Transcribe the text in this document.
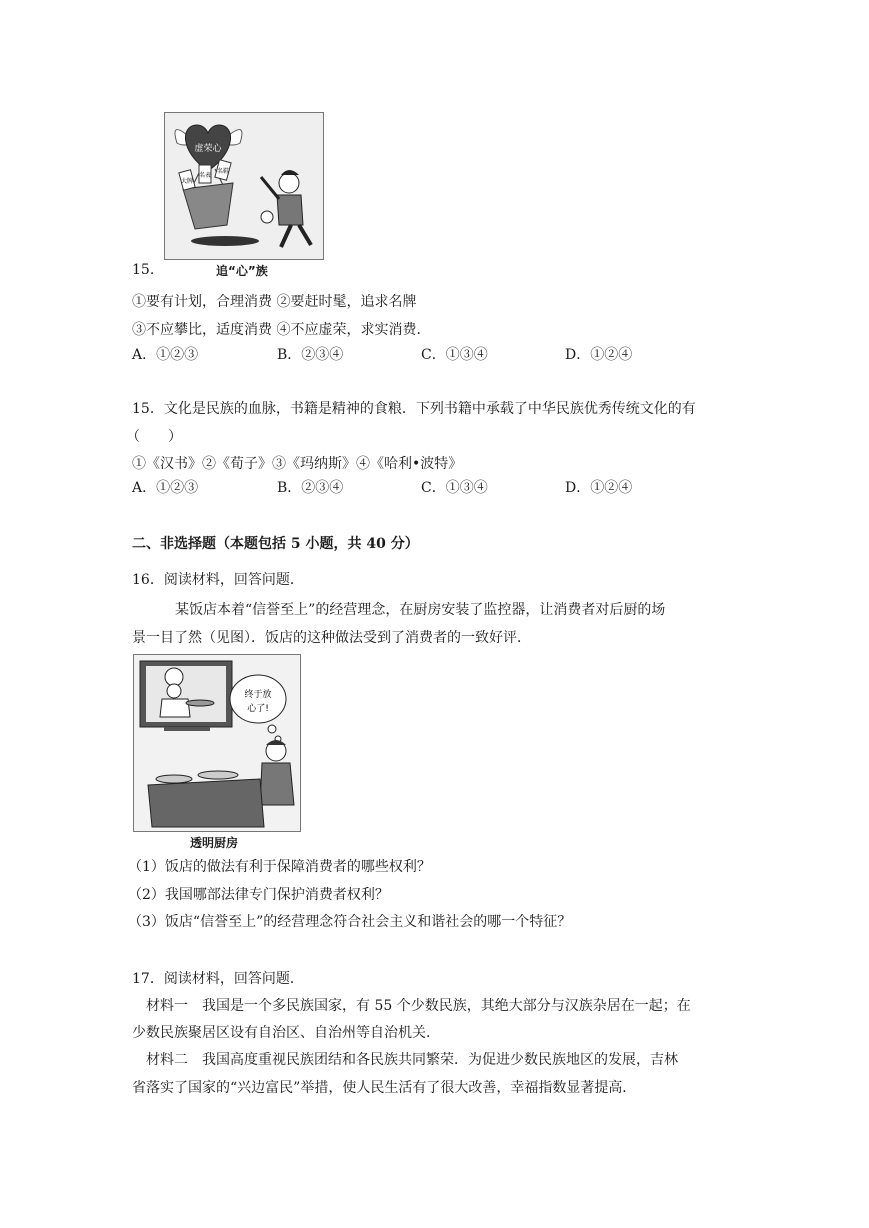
虚荣心
大牌
名表
名鞋
追“心”族
15.
①要有计划，合理消费 ②要赶时髦，追求名牌
③不应攀比，适度消费 ④不应虚荣，求实消费．
A．①②③	B．②③④	C．①③④	D．①②④
15．文化是民族的血脉，书籍是精神的食粮．下列书籍中承载了中华民族优秀传统文化的有
（　　）
①《汉书》②《荀子》③《玛纳斯》④《哈利•波特》
A．①②③	B．②③④	C．①③④	D．①②④
二、非选择题（本题包括 5 小题，共 40 分）
16．阅读材料，回答问题．
某饭店本着“信誉至上”的经营理念，在厨房安装了监控器，让消费者对后厨的场
景一目了然（见图）．饭店的这种做法受到了消费者的一致好评．
终于放
心了!
透明厨房
（1）饭店的做法有利于保障消费者的哪些权利？
（2）我国哪部法律专门保护消费者权利？
（3）饭店“信誉至上”的经营理念符合社会主义和谐社会的哪一个特征？
17．阅读材料，回答问题．
材料一　我国是一个多民族国家，有 55 个少数民族，其绝大部分与汉族杂居在一起；在
少数民族聚居区设有自治区、自治州等自治机关．
材料二　我国高度重视民族团结和各民族共同繁荣．为促进少数民族地区的发展，吉林
省落实了国家的“兴边富民”举措，使人民生活有了很大改善，幸福指数显著提高．
